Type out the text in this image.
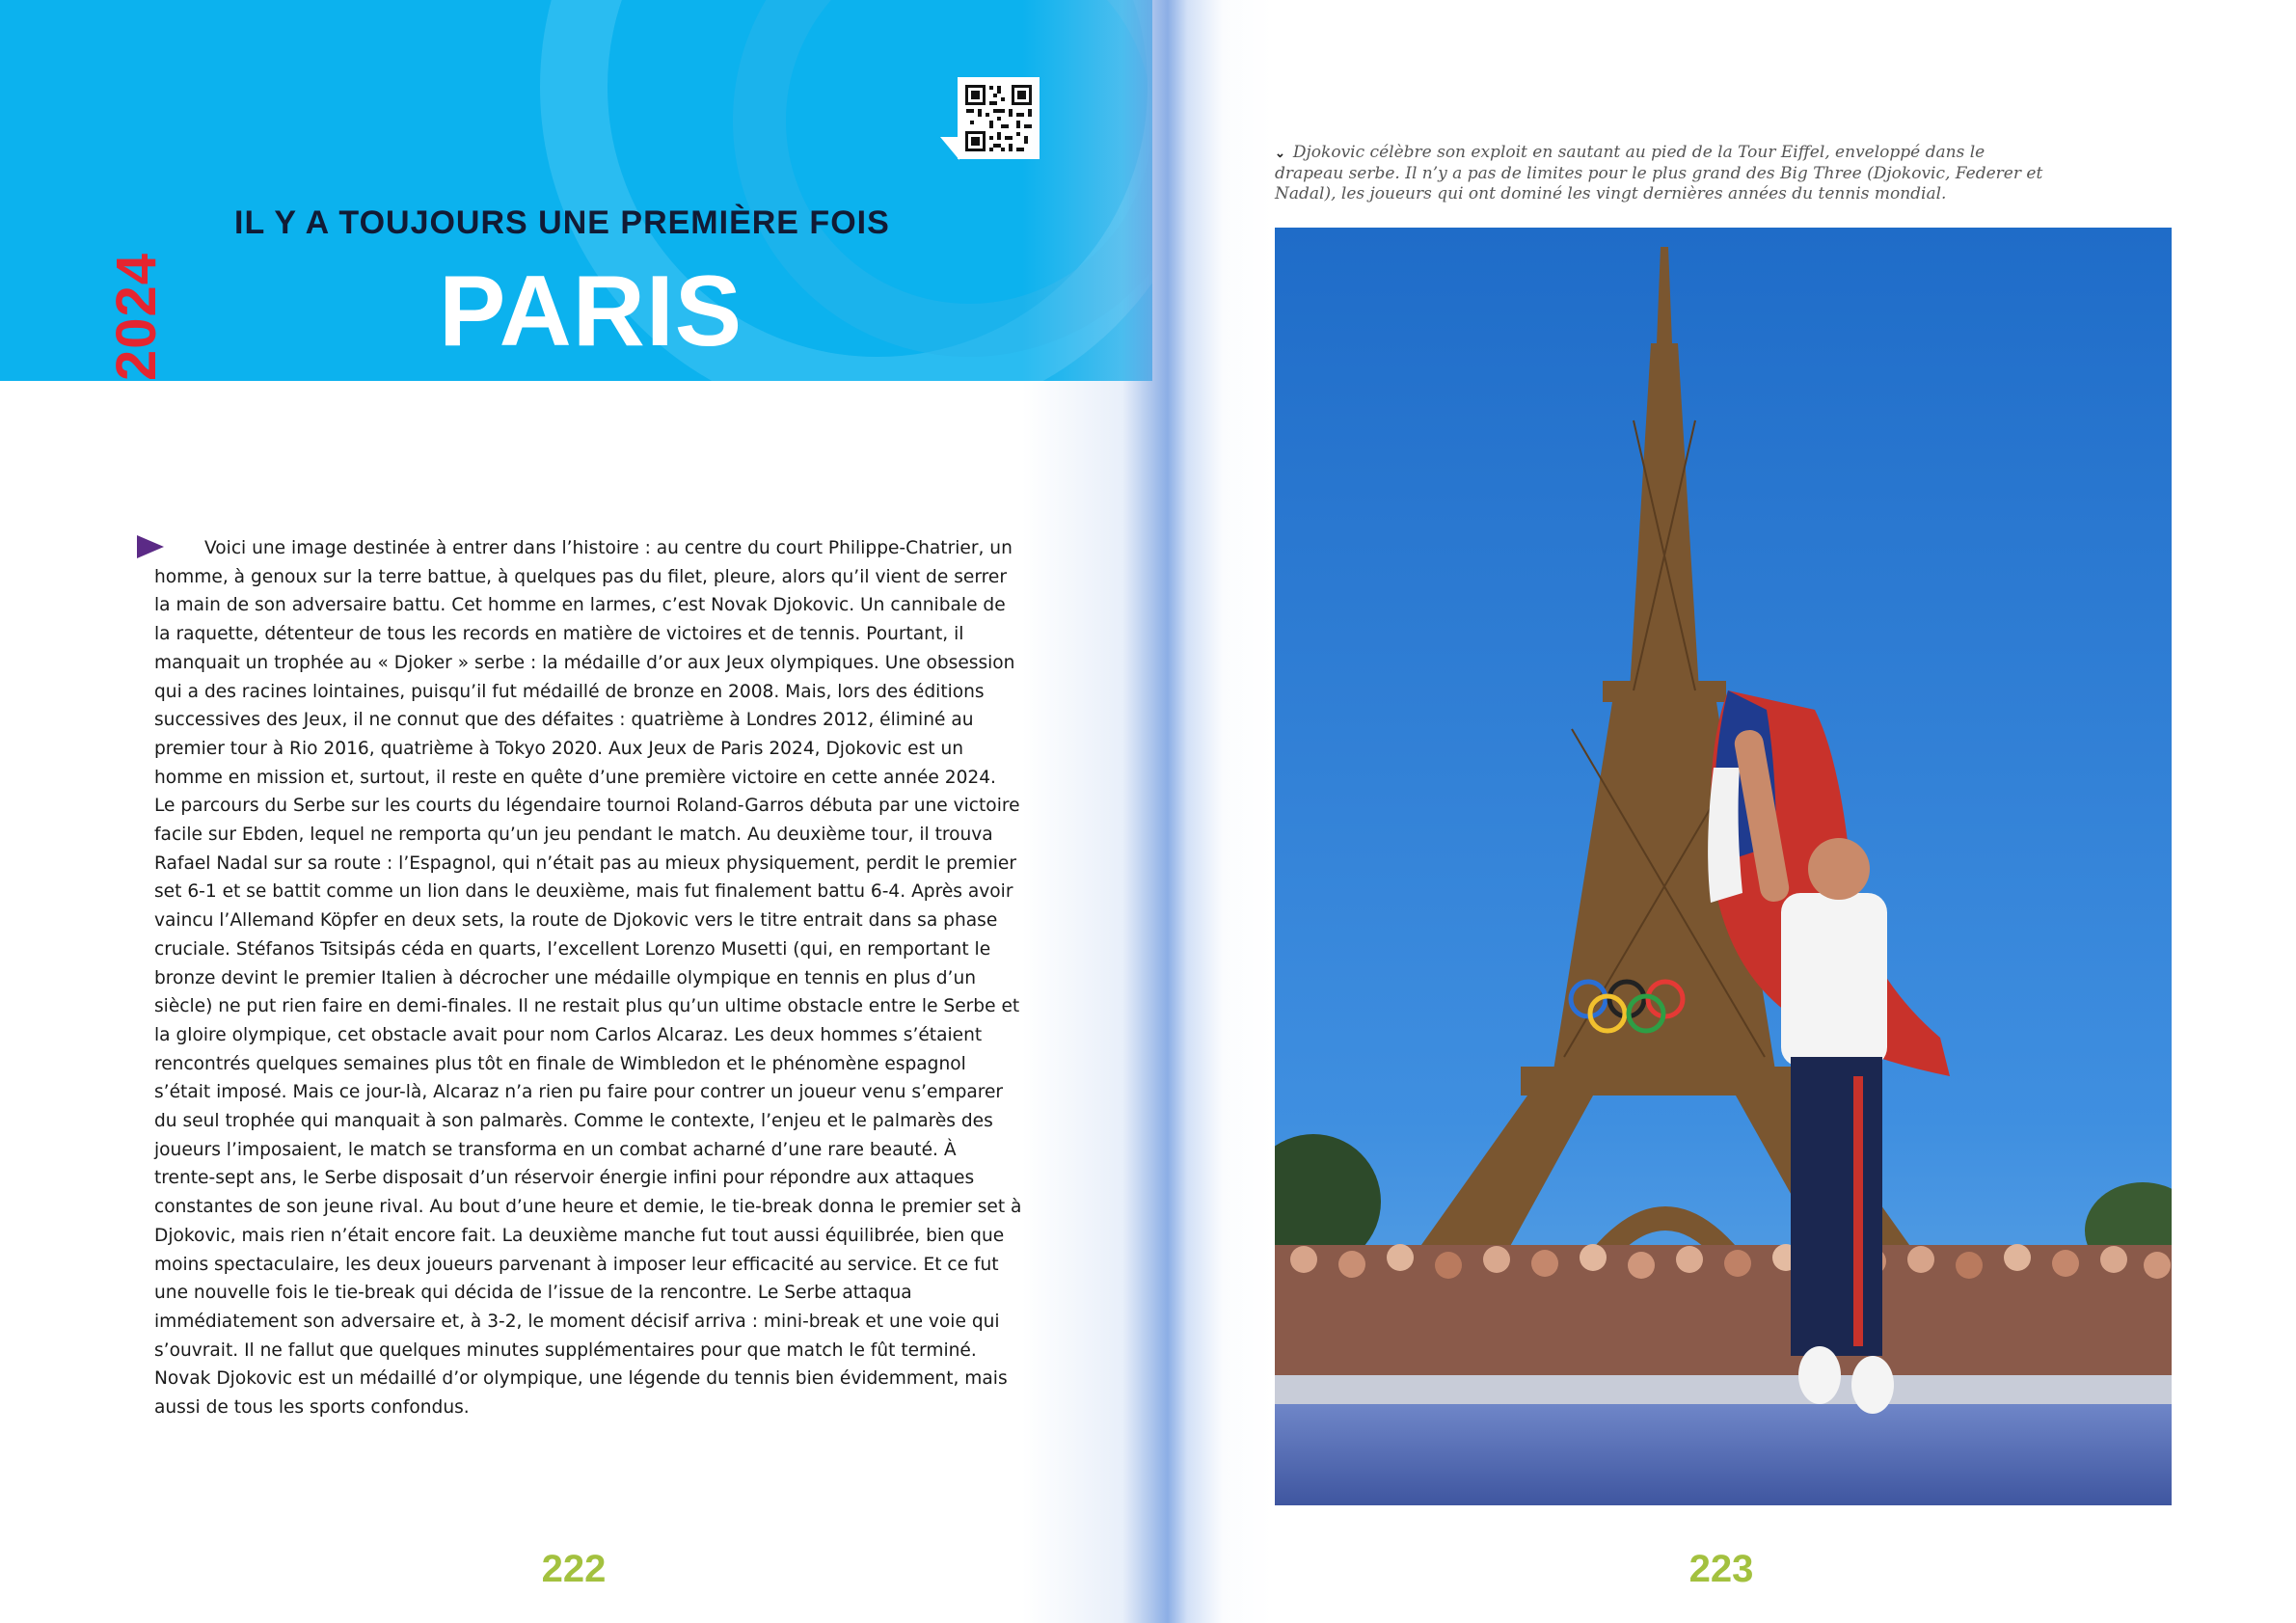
IL Y A TOUJOURS UNE PREMIÈRE FOIS
PARIS
2024

Voici une image destinée à entrer dans l’histoire : au centre du court Philippe-Chatrier, un homme, à genoux sur la terre battue, à quelques pas du filet, pleure, alors qu’il vient de serrer la main de son adversaire battu. Cet homme en larmes, c’est Novak Djokovic. Un cannibale de la raquette, détenteur de tous les records en matière de victoires et de tennis. Pourtant, il manquait un trophée au « Djoker » serbe : la médaille d’or aux Jeux olympiques. Une obsession qui a des racines lointaines, puisqu’il fut médaillé de bronze en 2008. Mais, lors des éditions successives des Jeux, il ne connut que des défaites : quatrième à Londres 2012, éliminé au premier tour à Rio 2016, quatrième à Tokyo 2020. Aux Jeux de Paris 2024, Djokovic est un homme en mission et, surtout, il reste en quête d’une première victoire en cette année 2024. Le parcours du Serbe sur les courts du légendaire tournoi Roland-Garros débuta par une victoire facile sur Ebden, lequel ne remporta qu’un jeu pendant le match. Au deuxième tour, il trouva Rafael Nadal sur sa route : l’Espagnol, qui n’était pas au mieux physiquement, perdit le premier set 6-1 et se battit comme un lion dans le deuxième, mais fut finalement battu 6-4. Après avoir vaincu l’Allemand Köpfer en deux sets, la route de Djokovic vers le titre entrait dans sa phase cruciale. Stéfanos Tsitsipás céda en quarts, l’excellent Lorenzo Musetti (qui, en remportant le bronze devint le premier Italien à décrocher une médaille olympique en tennis en plus d’un siècle) ne put rien faire en demi-finales. Il ne restait plus qu’un ultime obstacle entre le Serbe et la gloire olympique, cet obstacle avait pour nom Carlos Alcaraz. Les deux hommes s’étaient rencontrés quelques semaines plus tôt en finale de Wimbledon et le phénomène espagnol s’était imposé. Mais ce jour-là, Alcaraz n’a rien pu faire pour contrer un joueur venu s’emparer du seul trophée qui manquait à son palmarès. Comme le contexte, l’enjeu et le palmarès des joueurs l’imposaient, le match se transforma en un combat acharné d’une rare beauté. À trente-sept ans, le Serbe disposait d’un réservoir énergie infini pour répondre aux attaques constantes de son jeune rival. Au bout d’une heure et demie, le tie-break donna le premier set à Djokovic, mais rien n’était encore fait. La deuxième manche fut tout aussi équilibrée, bien que moins spectaculaire, les deux joueurs parvenant à imposer leur efficacité au service. Et ce fut une nouvelle fois le tie-break qui décida de l’issue de la rencontre. Le Serbe attaqua immédiatement son adversaire et, à 3-2, le moment décisif arriva : mini-break et une voie qui s’ouvrait. Il ne fallut que quelques minutes supplémentaires pour que match le fût terminé. Novak Djokovic est un médaillé d’or olympique, une légende du tennis bien évidemment, mais aussi de tous les sports confondus.

222

⌄ Djokovic célèbre son exploit en sautant au pied de la Tour Eiffel, enveloppé dans le drapeau serbe. Il n’y a pas de limites pour le plus grand des Big Three (Djokovic, Federer et Nadal), les joueurs qui ont dominé les vingt dernières années du tennis mondial.

223
